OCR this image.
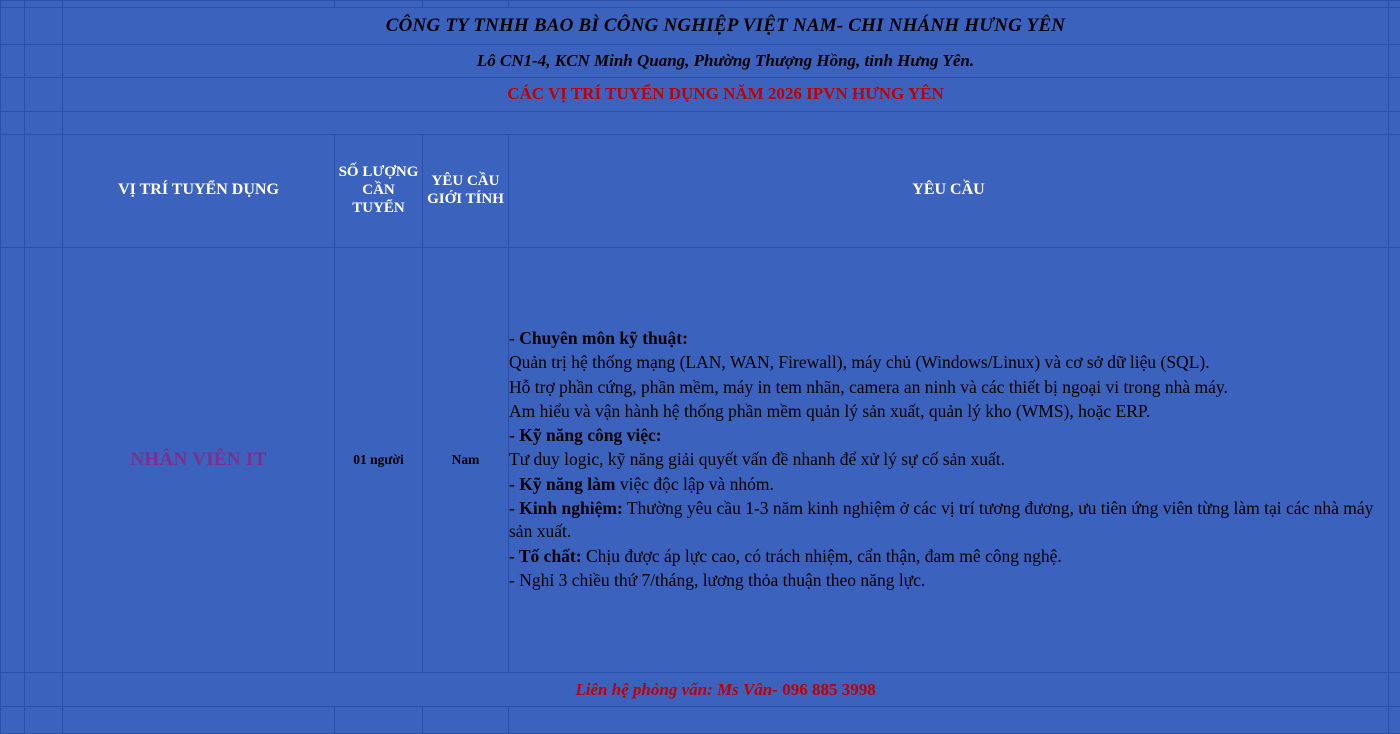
		CÔNG TY TNHH BAO BÌ CÔNG NGHIỆP VIỆT NAM- CHI NHÁNH HƯNG YÊN				
		Lô CN1-4, KCN Minh Quang, Phường Thượng Hồng, tỉnh Hưng Yên.				
		CÁC VỊ TRÍ TUYỂN DỤNG NĂM 2026 IPVN HƯNG YÊN				

		VỊ TRÍ TUYỂN DỤNG	SỐ LƯỢNG CẦN TUYỂN	YÊU CẦU GIỚI TÍNH	YÊU CẦU	
		NHÂN VIÊN IT	01 người	Nam	

- Chuyên môn kỹ thuật:

Quản trị hệ thống mạng (LAN, WAN, Firewall), máy chủ (Windows/Linux) và cơ sở dữ liệu (SQL).

Hỗ trợ phần cứng, phần mềm, máy in tem nhãn, camera an ninh và các thiết bị ngoại vi trong nhà máy.

Am hiểu và vận hành hệ thống phần mềm quản lý sản xuất, quản lý kho (WMS), hoặc ERP.

- Kỹ năng công việc:

Tư duy logic, kỹ năng giải quyết vấn đề nhanh để xử lý sự cố sản xuất.

- Kỹ năng làm việc độc lập và nhóm.

- Kinh nghiệm: Thường yêu cầu 1-3 năm kinh nghiệm ở các vị trí tương đương, ưu tiên ứng viên từng làm tại các nhà máy sản xuất.

- Tố chất: Chịu được áp lực cao, có trách nhiệm, cẩn thận, đam mê công nghệ.

- Nghỉ 3 chiều thứ 7/tháng, lương thỏa thuận theo năng lực.

		Liên hệ phỏng vấn: Ms Vân- 096 885 3998				
